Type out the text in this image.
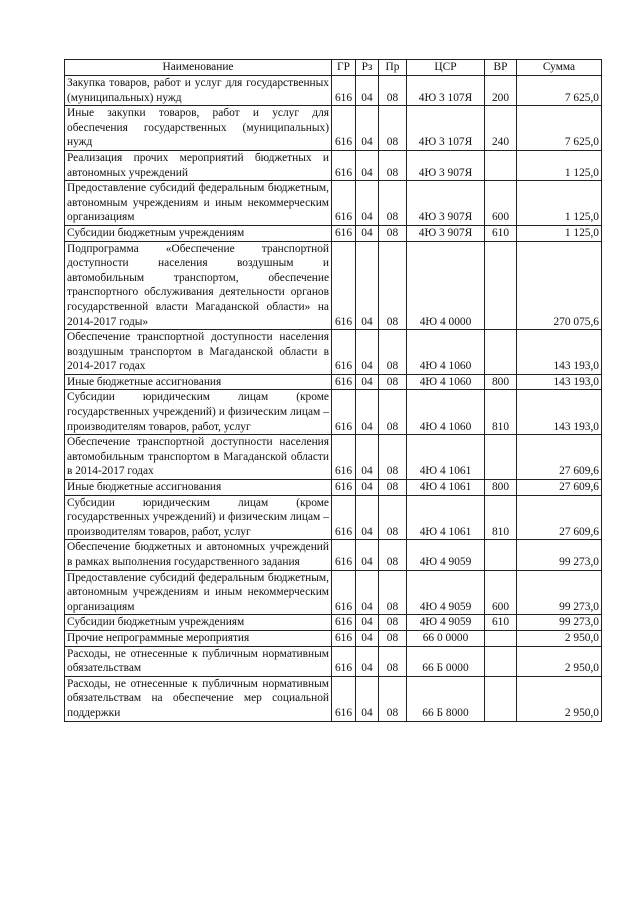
Наименование	ГР	Рз	Пр	ЦСР	ВР	Сумма
Закупка товаров, работ и услуг для государственных (муниципальных) нужд	616	04	08	4Ю 3 107Я	200	7 625,0
Иные закупки товаров, работ и услуг для обеспечения государственных (муниципальных) нужд	616	04	08	4Ю 3 107Я	240	7 625,0
Реализация прочих мероприятий бюджетных и автономных учреждений	616	04	08	4Ю 3 907Я		1 125,0
Предоставление субсидий федеральным бюджетным, автономным учреждениям и иным некоммерческим организациям	616	04	08	4Ю 3 907Я	600	1 125,0
Субсидии бюджетным учреждениям	616	04	08	4Ю 3 907Я	610	1 125,0
Подпрограмма «Обеспечение транспортной доступности населения воздушным и автомобильным транспортом, обеспечение транспортного обслуживания деятельности органов государственной власти Магаданской области» на 2014-2017 годы»	616	04	08	4Ю 4 0000		270 075,6
Обеспечение транспортной доступности населения воздушным транспортом в Магаданской области в 2014-2017 годах	616	04	08	4Ю 4 1060		143 193,0
Иные бюджетные ассигнования	616	04	08	4Ю 4 1060	800	143 193,0
Субсидии юридическим лицам (кроме государственных учреждений) и физическим лицам – производителям товаров, работ, услуг	616	04	08	4Ю 4 1060	810	143 193,0
Обеспечение транспортной доступности населения автомобильным транспортом в Магаданской области в 2014-2017 годах	616	04	08	4Ю 4 1061		27 609,6
Иные бюджетные ассигнования	616	04	08	4Ю 4 1061	800	27 609,6
Субсидии юридическим лицам (кроме государственных учреждений) и физическим лицам – производителям товаров, работ, услуг	616	04	08	4Ю 4 1061	810	27 609,6
Обеспечение бюджетных и автономных учреждений в рамках выполнения государственного задания	616	04	08	4Ю 4 9059		99 273,0
Предоставление субсидий федеральным бюджетным, автономным учреждениям и иным некоммерческим организациям	616	04	08	4Ю 4 9059	600	99 273,0
Субсидии бюджетным учреждениям	616	04	08	4Ю 4 9059	610	99 273,0
Прочие непрограммные мероприятия	616	04	08	66 0 0000		2 950,0
Расходы, не отнесенные к публичным нормативным обязательствам	616	04	08	66 Б 0000		2 950,0
Расходы, не отнесенные к публичным нормативным обязательствам на обеспечение мер социальной поддержки	616	04	08	66 Б 8000		2 950,0
